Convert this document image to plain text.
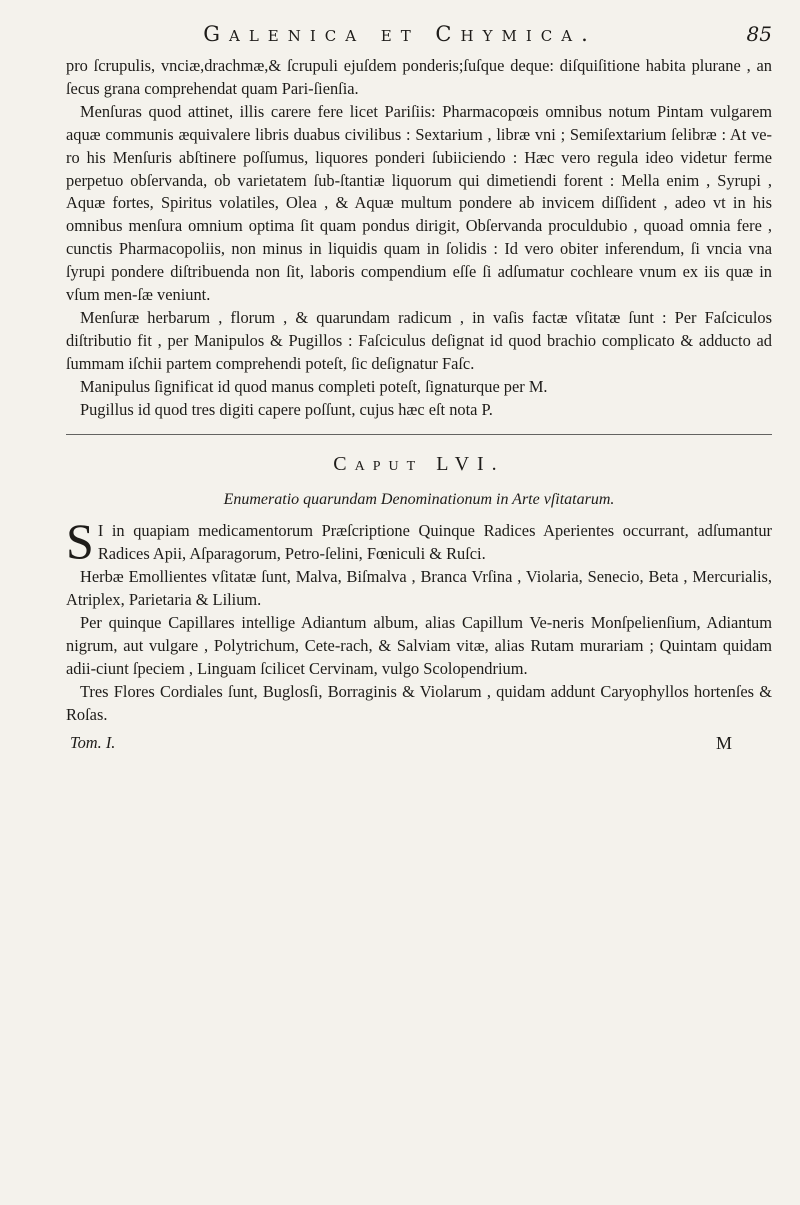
Galenica et Chymica.	85

pro ſcrupulis, vnciæ,drachmæ,& ſcrupuli ejuſdem ponderis;ſuſque deque: diſquiſitione habita plurane , an ſecus grana comprehendat quam Pari-ſienſia.

Menſuras quod attinet, illis carere fere licet Pariſiis: Pharmacopœis omnibus notum Pintam vulgarem aquæ communis æquivalere libris duabus civilibus : Sextarium , libræ vni ; Semiſextarium ſelibræ : At ve-ro his Menſuris abſtinere poſſumus, liquores ponderi ſubiiciendo : Hæc vero regula ideo videtur ferme perpetuo obſervanda, ob varietatem ſub-ſtantiæ liquorum qui dimetiendi forent : Mella enim , Syrupi , Aquæ fortes, Spiritus volatiles, Olea , & Aquæ multum pondere ab invicem diſſident , adeo vt in his omnibus menſura omnium optima ſit quam pondus dirigit, Obſervanda proculdubio , quoad omnia fere , cunctis Pharmacopoliis, non minus in liquidis quam in ſolidis : Id vero obiter inferendum, ſi vncia vna ſyrupi pondere diſtribuenda non ſit, laboris compendium eſſe ſi adſumatur cochleare vnum ex iis quæ in vſum men-ſæ veniunt.

Menſuræ herbarum , florum , & quarundam radicum , in vaſis factæ vſitatæ ſunt : Per Faſciculos diſtributio fit , per Manipulos & Pugillos : Faſciculus deſignat id quod brachio complicato & adducto ad ſummam iſchii partem comprehendi poteſt, ſic deſignatur Faſc.

Manipulus ſignificat id quod manus completi poteſt, ſignaturque per M.

Pugillus id quod tres digiti capere poſſunt, cujus hæc eſt nota P.

Caput LVI.
Enumeratio quarundam Denominationum in Arte vſitatarum.

S I in quapiam medicamentorum Præſcriptione Quinque Radices Aperientes occurrant, adſumantur Radices Apii, Aſparagorum, Petro-ſelini, Fœniculi & Ruſci.

Herbæ Emollientes vſitatæ ſunt, Malva, Biſmalva , Branca Vrſina , Violaria, Senecio, Beta , Mercurialis, Atriplex, Parietaria & Lilium.

Per quinque Capillares intellige Adiantum album, alias Capillum Ve-neris Monſpelienſium, Adiantum nigrum, aut vulgare , Polytrichum, Cete-rach, & Salviam vitæ, alias Rutam murariam ; Quintam quidam adii-ciunt ſpeciem , Linguam ſcilicet Cervinam, vulgo Scolopendrium.

Tres Flores Cordiales ſunt, Buglosſi, Borraginis & Violarum , quidam addunt Caryophyllos hortenſes & Roſas.

Tom. I.	M
